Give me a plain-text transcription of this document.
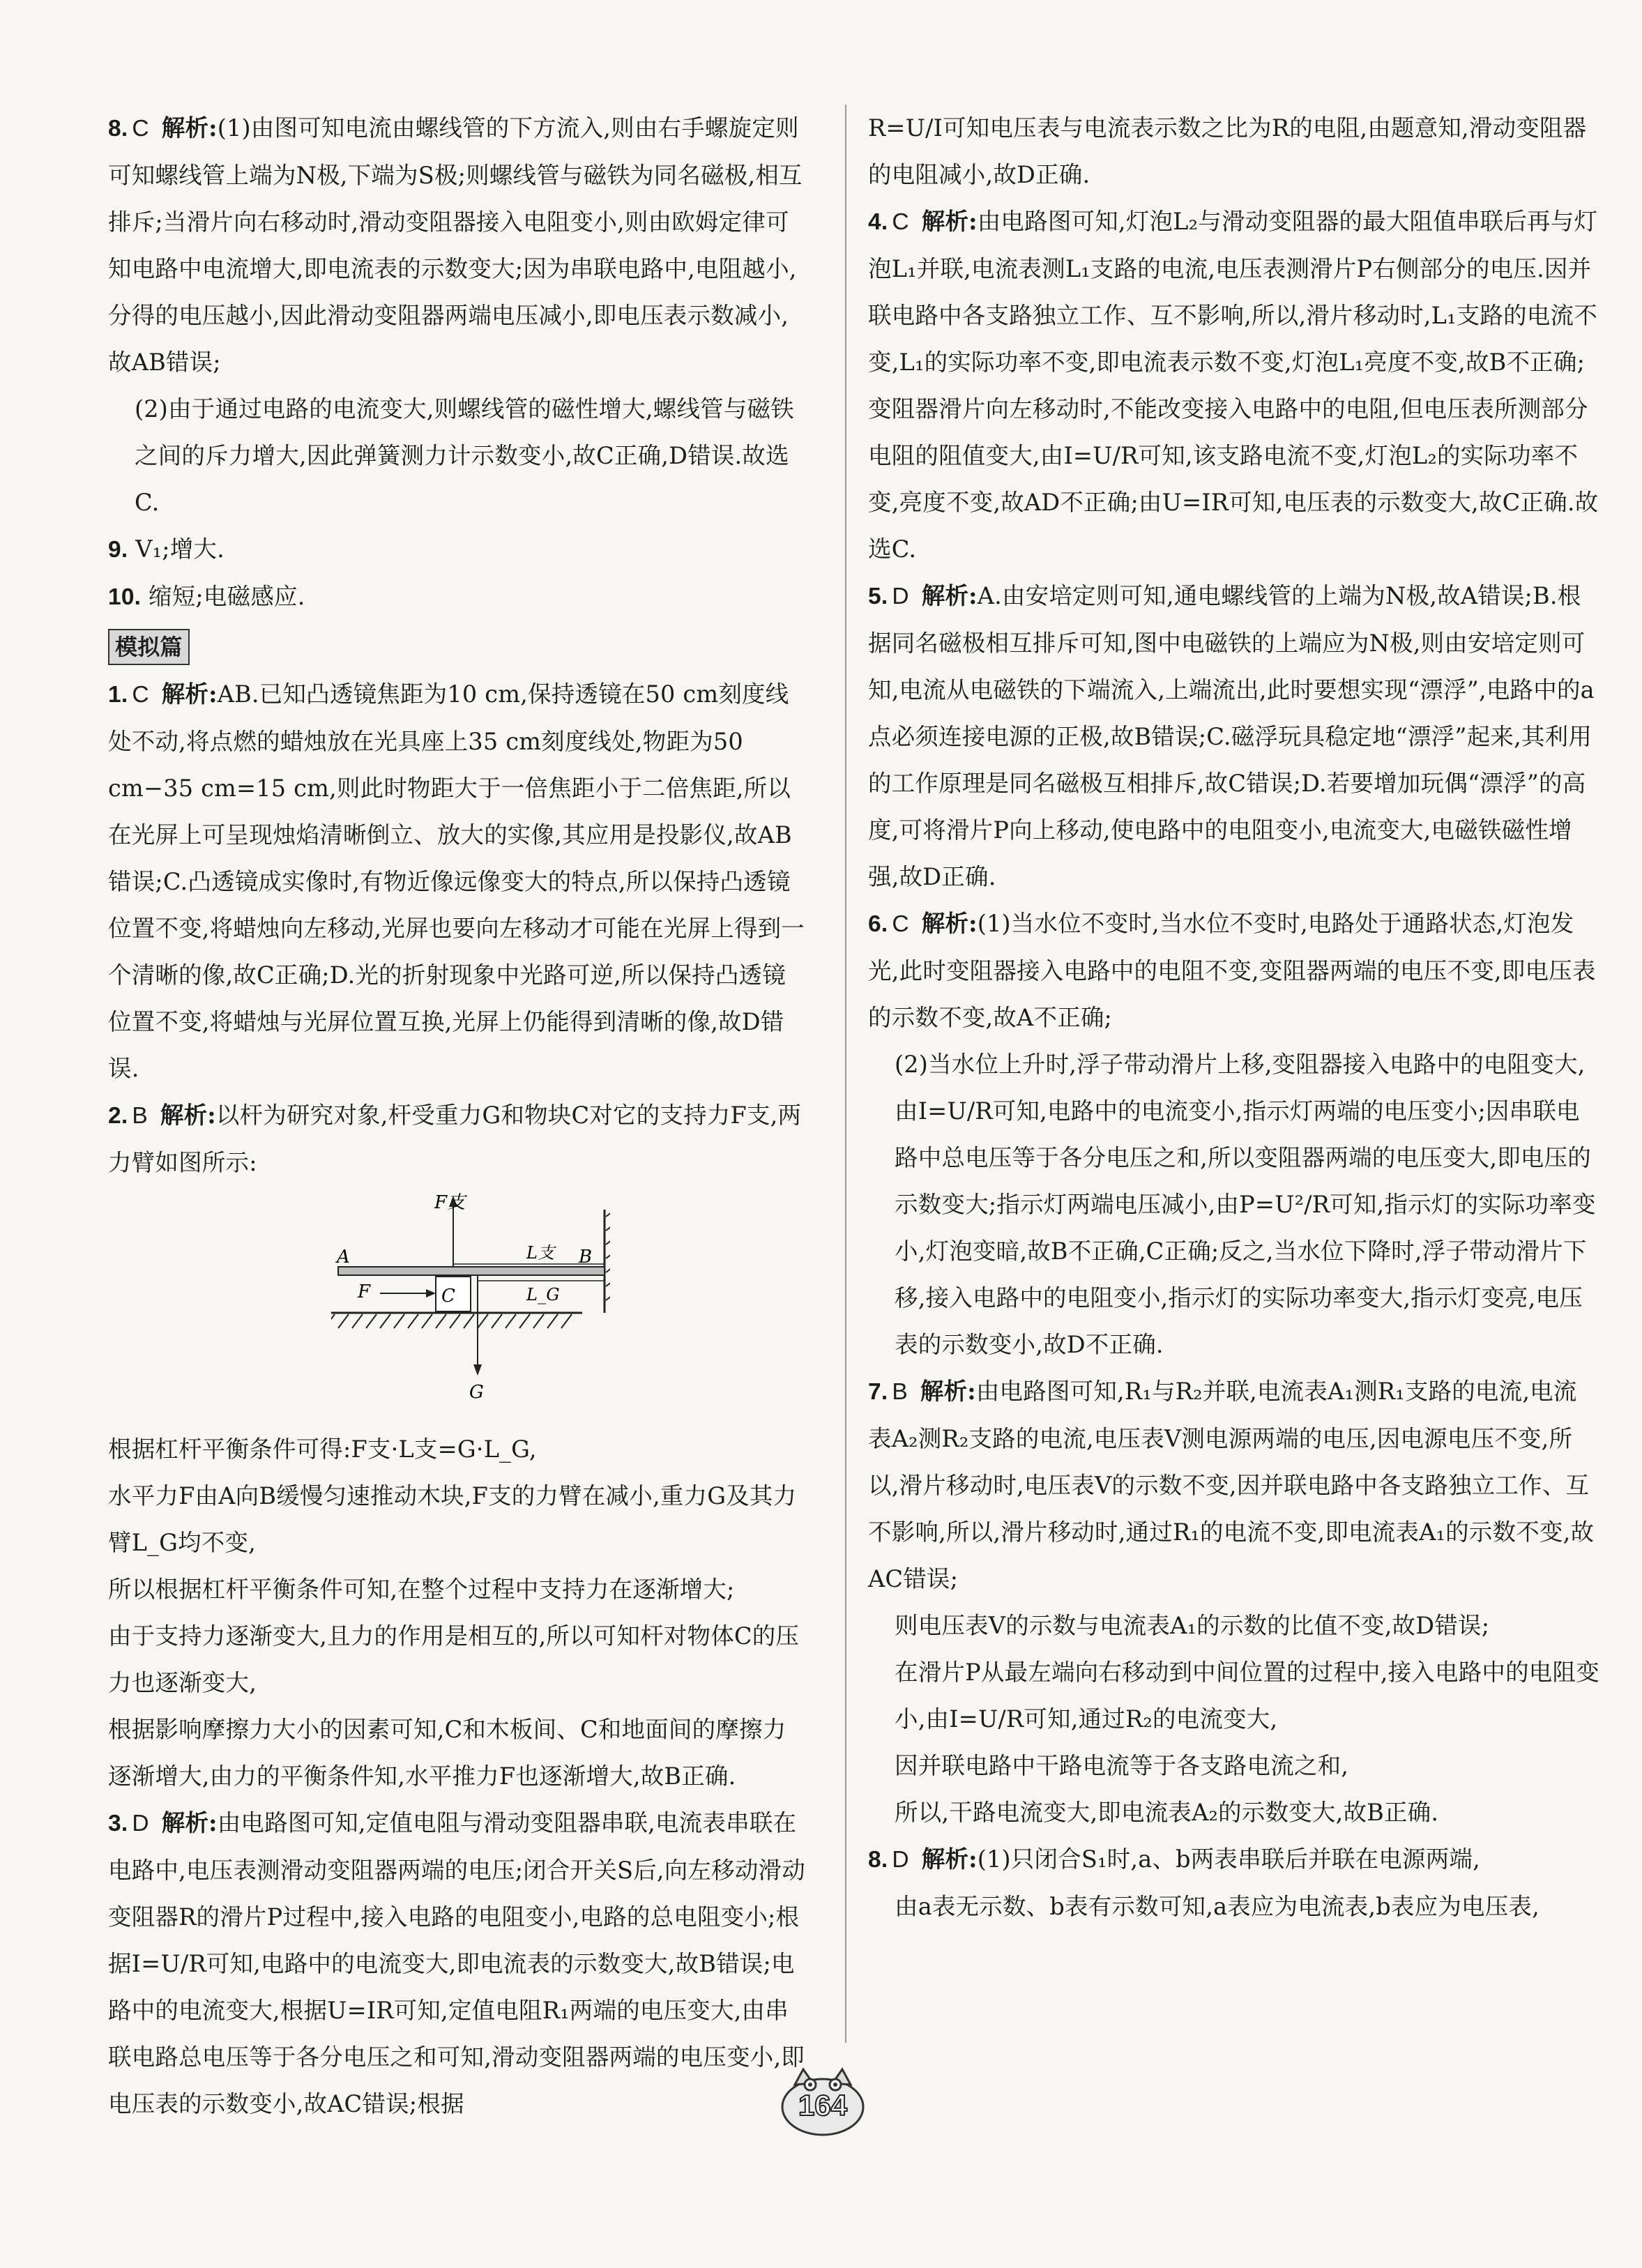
8. C 解析:(1)由图可知电流由螺线管的下方流入,则由右手螺旋定则可知螺线管上端为N极,下端为S极;则螺线管与磁铁为同名磁极,相互排斥;当滑片向右移动时,滑动变阻器接入电阻变小,则由欧姆定律可知电路中电流增大,即电流表的示数变大;因为串联电路中,电阻越小,分得的电压越小,因此滑动变阻器两端电压减小,即电压表示数减小,故AB错误;

(2)由于通过电路的电流变大,则螺线管的磁性增大,螺线管与磁铁之间的斥力增大,因此弹簧测力计示数变小,故C正确,D错误.故选C.

9. V₁;增大.

10. 缩短;电磁感应.

模拟篇

1. C 解析:AB.已知凸透镜焦距为10 cm,保持透镜在50 cm刻度线处不动,将点燃的蜡烛放在光具座上35 cm刻度线处,物距为50 cm−35 cm=15 cm,则此时物距大于一倍焦距小于二倍焦距,所以在光屏上可呈现烛焰清晰倒立、放大的实像,其应用是投影仪,故AB错误;C.凸透镜成实像时,有物近像远像变大的特点,所以保持凸透镜位置不变,将蜡烛向左移动,光屏也要向左移动才可能在光屏上得到一个清晰的像,故C正确;D.光的折射现象中光路可逆,所以保持凸透镜位置不变,将蜡烛与光屏位置互换,光屏上仍能得到清晰的像,故D错误.

2. B 解析:以杆为研究对象,杆受重力G和物块C对它的支持力F支,两力臂如图所示:

F支
A	B
F	C
L支
L_G
G

根据杠杆平衡条件可得:F支·L支=G·L_G,

水平力F由A向B缓慢匀速推动木块,F支的力臂在减小,重力G及其力臂L_G均不变,

所以根据杠杆平衡条件可知,在整个过程中支持力在逐渐增大;

由于支持力逐渐变大,且力的作用是相互的,所以可知杆对物体C的压力也逐渐变大,

根据影响摩擦力大小的因素可知,C和木板间、C和地面间的摩擦力逐渐增大,由力的平衡条件知,水平推力F也逐渐增大,故B正确.

3. D 解析:由电路图可知,定值电阻与滑动变阻器串联,电流表串联在电路中,电压表测滑动变阻器两端的电压;闭合开关S后,向左移动滑动变阻器R的滑片P过程中,接入电路的电阻变小,电路的总电阻变小;根据I=U/R可知,电路中的电流变大,即电流表的示数变大,故B错误;电路中的电流变大,根据U=IR可知,定值电阻R₁两端的电压变大,由串联电路总电压等于各分电压之和可知,滑动变阻器两端的电压变小,即电压表的示数变小,故AC错误;根据

R=U/I可知电压表与电流表示数之比为R的电阻,由题意知,滑动变阻器的电阻减小,故D正确.

4. C 解析:由电路图可知,灯泡L₂与滑动变阻器的最大阻值串联后再与灯泡L₁并联,电流表测L₁支路的电流,电压表测滑片P右侧部分的电压.因并联电路中各支路独立工作、互不影响,所以,滑片移动时,L₁支路的电流不变,L₁的实际功率不变,即电流表示数不变,灯泡L₁亮度不变,故B不正确;变阻器滑片向左移动时,不能改变接入电路中的电阻,但电压表所测部分电阻的阻值变大,由I=U/R可知,该支路电流不变,灯泡L₂的实际功率不变,亮度不变,故AD不正确;由U=IR可知,电压表的示数变大,故C正确.故选C.

5. D 解析:A.由安培定则可知,通电螺线管的上端为N极,故A错误;B.根据同名磁极相互排斥可知,图中电磁铁的上端应为N极,则由安培定则可知,电流从电磁铁的下端流入,上端流出,此时要想实现“漂浮”,电路中的a点必须连接电源的正极,故B错误;C.磁浮玩具稳定地“漂浮”起来,其利用的工作原理是同名磁极互相排斥,故C错误;D.若要增加玩偶“漂浮”的高度,可将滑片P向上移动,使电路中的电阻变小,电流变大,电磁铁磁性增强,故D正确.

6. C 解析:(1)当水位不变时,当水位不变时,电路处于通路状态,灯泡发光,此时变阻器接入电路中的电阻不变,变阻器两端的电压不变,即电压表的示数不变,故A不正确;

(2)当水位上升时,浮子带动滑片上移,变阻器接入电路中的电阻变大,由I=U/R可知,电路中的电流变小,指示灯两端的电压变小;因串联电路中总电压等于各分电压之和,所以变阻器两端的电压变大,即电压的示数变大;指示灯两端电压减小,由P=U²/R可知,指示灯的实际功率变小,灯泡变暗,故B不正确,C正确;反之,当水位下降时,浮子带动滑片下移,接入电路中的电阻变小,指示灯的实际功率变大,指示灯变亮,电压表的示数变小,故D不正确.

7. B 解析:由电路图可知,R₁与R₂并联,电流表A₁测R₁支路的电流,电流表A₂测R₂支路的电流,电压表V测电源两端的电压,因电源电压不变,所以,滑片移动时,电压表V的示数不变,因并联电路中各支路独立工作、互不影响,所以,滑片移动时,通过R₁的电流不变,即电流表A₁的示数不变,故AC错误;

则电压表V的示数与电流表A₁的示数的比值不变,故D错误;

在滑片P从最左端向右移动到中间位置的过程中,接入电路中的电阻变小,由I=U/R可知,通过R₂的电流变大,

因并联电路中干路电流等于各支路电流之和,

所以,干路电流变大,即电流表A₂的示数变大,故B正确.

8. D 解析:(1)只闭合S₁时,a、b两表串联后并联在电源两端,

由a表无示数、b表有示数可知,a表应为电流表,b表应为电压表,

164
